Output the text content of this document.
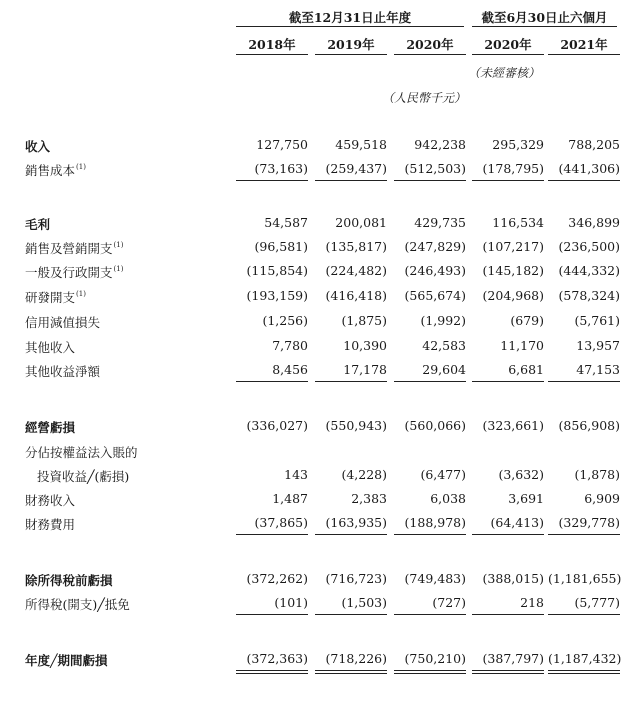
截至12月31日止年度	截至6月30日止六個月
2018年	2019年	2020年	2020年	2021年
（未經審核）
（人民幣千元）
收入	127,750	459,518	942,238	295,329	788,205
銷售成本$^{(1)}$	(73,163)	(259,437)	(512,503)	(178,795)	(441,306)
毛利	54,587	200,081	429,735	116,534	346,899
銷售及營銷開支$^{(1)}$	(96,581)	(135,817)	(247,829)	(107,217)	(236,500)
一般及行政開支$^{(1)}$	(115,854)	(224,482)	(246,493)	(145,182)	(444,332)
研發開支$^{(1)}$	(193,159)	(416,418)	(565,674)	(204,968)	(578,324)
信用減值損失	(1,256)	(1,875)	(1,992)	(679)	(5,761)
其他收入	7,780	10,390	42,583	11,170	13,957
其他收益淨額	8,456	17,178	29,604	6,681	47,153
經營虧損	(336,027)	(550,943)	(560,066)	(323,661)	(856,908)
分佔按權益法入賬的
投資收益╱(虧損)	143	(4,228)	(6,477)	(3,632)	(1,878)
財務收入	1,487	2,383	6,038	3,691	6,909
財務費用	(37,865)	(163,935)	(188,978)	(64,413)	(329,778)
除所得稅前虧損	(372,262)	(716,723)	(749,483)	(388,015) (1,181,655)
所得稅(開支)╱抵免	(101)	(1,503)	(727)	218	(5,777)
年度╱期間虧損	(372,363)	(718,226)	(750,210)	(387,797) (1,187,432)
